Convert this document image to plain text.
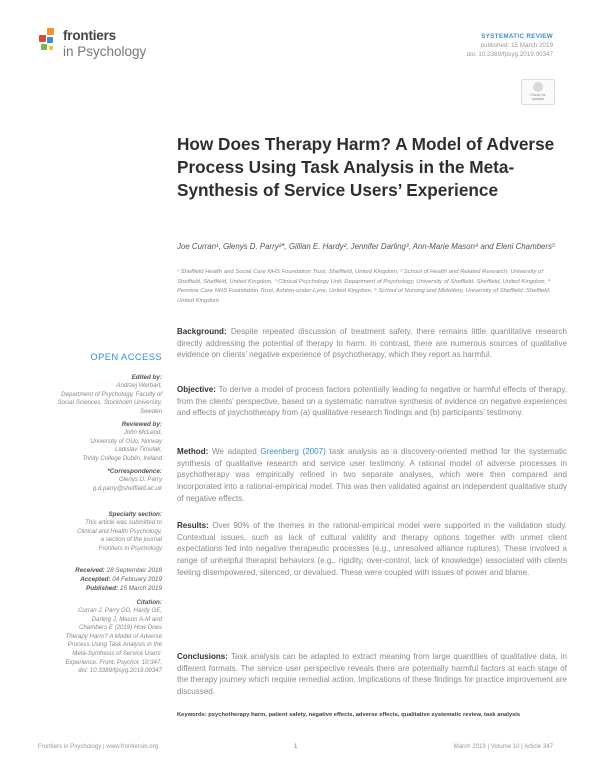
frontiers
in Psychology
SYSTEMATIC REVIEW
published: 15 March 2019
doi: 10.3389/fpsyg.2019.00347
Check for
updates
How Does Therapy Harm? A Model of Adverse Process Using Task Analysis in the Meta-Synthesis of Service Users’ Experience
Joe Curran¹, Glenys D. Parry²*, Gillian E. Hardy², Jennifer Darling³, Ann-Marie Mason⁴ and Eleni Chambers⁵
¹ Sheffield Health and Social Care NHS Foundation Trust, Sheffield, United Kingdom, ² School of Health and Related Research, University of Sheffield, Sheffield, United Kingdom, ³ Clinical Psychology Unit, Department of Psychology, University of Sheffield, Sheffield, United Kingdom, ⁴ Pennine Care NHS Foundation Trust, Ashton-under-Lyne, United Kingdom, ⁵ School of Nursing and Midwifery, University of Sheffield, Sheffield, United Kingdom
OPEN ACCESS
Edited by:
Andrzej Werbart,
Department of Psychology, Faculty of
Social Sciences, Stockholm University,
Sweden
Reviewed by:
John McLeod,
University of Oslo, Norway
Ladislav Timulak,
Trinity College Dublin, Ireland
*Correspondence:
Glenys D. Parry
g.d.parry@sheffield.ac.uk
Specialty section:
This article was submitted to
Clinical and Health Psychology,
a section of the journal
Frontiers in Psychology
Received: 28 September 2018
Accepted: 04 February 2019
Published: 15 March 2019
Citation:
Curran J, Parry GD, Hardy GE,
Darling J, Mason A-M and
Chambers E (2019) How Does
Therapy Harm? A Model of Adverse
Process Using Task Analysis in the
Meta-Synthesis of Service Users’
Experience. Front. Psychol. 10:347.
doi: 10.3389/fpsyg.2019.00347
Background: Despite repeated discussion of treatment safety, there remains little quantitative research directly addressing the potential of therapy to harm. In contrast, there are numerous sources of qualitative evidence on clients’ negative experience of psychotherapy, which they report as harmful.
Objective: To derive a model of process factors potentially leading to negative or harmful effects of therapy, from the clients’ perspective, based on a systematic narrative synthesis of evidence on negative experiences and effects of psychotherapy from (a) qualitative research findings and (b) participants’ testimony.
Method: We adapted Greenberg (2007) task analysis as a discovery-oriented method for the systematic synthesis of qualitative research and service user testimony. A rational model of adverse processes in psychotherapy was empirically refined in two separate analyses, which were then compared and incorporated into a rational-empirical model. This was then validated against an independent qualitative study of negative effects.
Results: Over 90% of the themes in the rational-empirical model were supported in the validation study. Contextual issues, such as lack of cultural validity and therapy options together with unmet client expectations fed into negative therapeutic processes (e.g., unresolved alliance ruptures). These involved a range of unhelpful therapist behaviors (e.g., rigidity, over-control, lack of knowledge) associated with clients feeling disempowered, silenced, or devalued. These were coupled with issues of power and blame.
Conclusions: Task analysis can be adapted to extract meaning from large quantities of qualitative data, in different formats. The service user perspective reveals there are potentially harmful factors at each stage of the therapy journey which require remedial action. Implications of these findings for practice improvement are discussed.
Keywords: psychotherapy harm, patient safety, negative effects, adverse effects, qualitative systematic review, task analysis
Frontiers in Psychology | www.frontiersin.org	1	March 2019 | Volume 10 | Article 347
